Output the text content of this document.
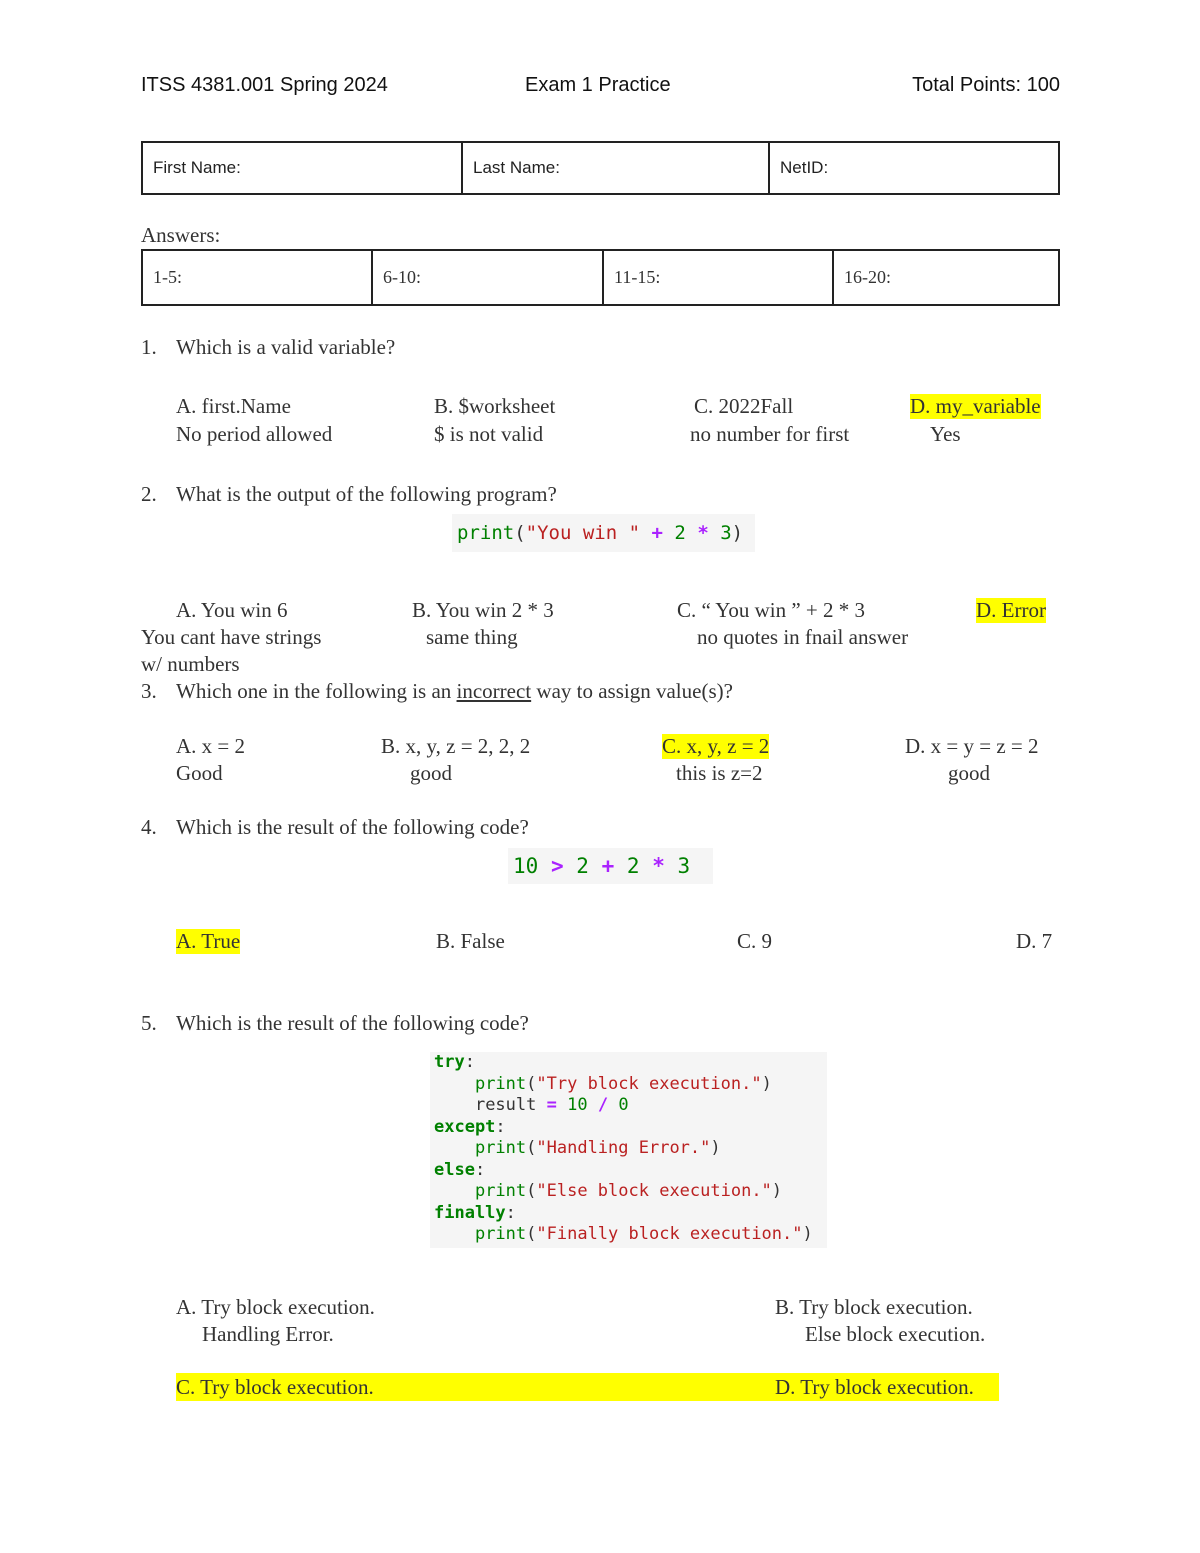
ITSS 4381.001 Spring 2024	Exam 1 Practice	Total Points: 100
First Name:	Last Name:	NetID:
Answers:
1-5:	6-10:	11-15:	16-20:
1. Which is a valid variable?
A. first.Name
No period allowed
B. $worksheet
$ is not valid
C. 2022Fall
no number for first
D. my_variable
Yes
2. What is the output of the following program?
print("You win " + 2 * 3)
A. You win 6
You cant have strings
w/ numbers
B. You win 2 * 3
same thing
C. “ You win ” + 2 * 3
no quotes in fnail answer
D. Error
3. Which one in the following is an incorrect way to assign value(s)?
A. x = 2
Good
B. x, y, z = 2, 2, 2
good
C. x, y, z = 2
this is z=2
D. x = y = z = 2
good
4. Which is the result of the following code?
10 > 2 + 2 * 3
A. True	B. False	C. 9	D. 7
5. Which is the result of the following code?
try:
print("Try block execution.")
result = 10 / 0
except:
print("Handling Error.")
else:
print("Else block execution.")
finally:
print("Finally block execution.")
A. Try block execution.
Handling Error.
B. Try block execution.
Else block execution.
C. Try block execution.	D. Try block execution.
